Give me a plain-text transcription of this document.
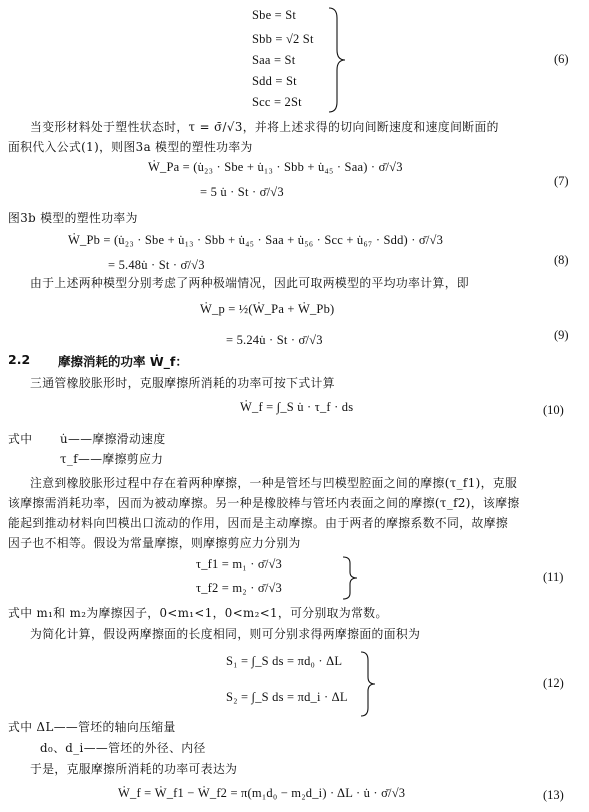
Sbe = St
Sbb = √2 St
Saa = St
Sdd = St
Scc = 2St
(6)
当变形材料处于塑性状态时，τ = σ̄/√3，并将上述求得的切向间断速度和速度间断面的
面积代入公式(1)，则图3a 模型的塑性功率为
Ẇ_Pa = (u̇₂₃ · Sbe + u̇₁₃ · Sbb + u̇₄₅ · Saa) · σ̄/√3
= 5 u̇ · St · σ̄/√3
(7)
图3b 模型的塑性功率为
Ẇ_Pb = (u̇₂₃ · Sbe + u̇₁₃ · Sbb + u̇₄₅ · Saa + u̇₅₆ · Scc + u̇₆₇ · Sdd) · σ̄/√3
= 5.48u̇ · St · σ̄/√3	(8)
由于上述两种模型分别考虑了两种极端情况，因此可取两模型的平均功率计算，即
Ẇ_p = ½(Ẇ_Pa + Ẇ_Pb)
= 5.24u̇ · St · σ̄/√3	(9)
2.2 摩擦消耗的功率 Ẇ_f：
三通管橡胶胀形时，克服摩擦所消耗的功率可按下式计算
Ẇ_f = ∫_S u̇ · τ_f · ds	(10)
式中 u̇——摩擦滑动速度
τ_f——摩擦剪应力
注意到橡胶胀形过程中存在着两种摩擦，一种是管坯与凹模型腔面之间的摩擦(τ_f1)，克服
该摩擦需消耗功率，因而为被动摩擦。另一种是橡胶棒与管坯内表面之间的摩擦(τ_f2)，该摩擦
能起到推动材料向凹模出口流动的作用，因而是主动摩擦。由于两者的摩擦系数不同，故摩擦
因子也不相等。假设为常量摩擦，则摩擦剪应力分别为
τ_f1 = m₁ · σ̄/√3
τ_f2 = m₂ · σ̄/√3
(11)
式中 m₁和 m₂为摩擦因子，0<m₁<1，0<m₂<1，可分别取为常数。
为简化计算，假设两摩擦面的长度相同，则可分别求得两摩擦面的面积为
S₁ = ∫_S ds = πd₀ · ΔL
S₂ = ∫_S ds = πd_i · ΔL
(12)
式中 ΔL——管坯的轴向压缩量
d₀、d_i——管坯的外径、内径
于是，克服摩擦所消耗的功率可表达为
Ẇ_f = Ẇ_f1 − Ẇ_f2 = π(m₁d₀ − m₂d_i) · ΔL · u̇ · σ̄/√3	(13)
